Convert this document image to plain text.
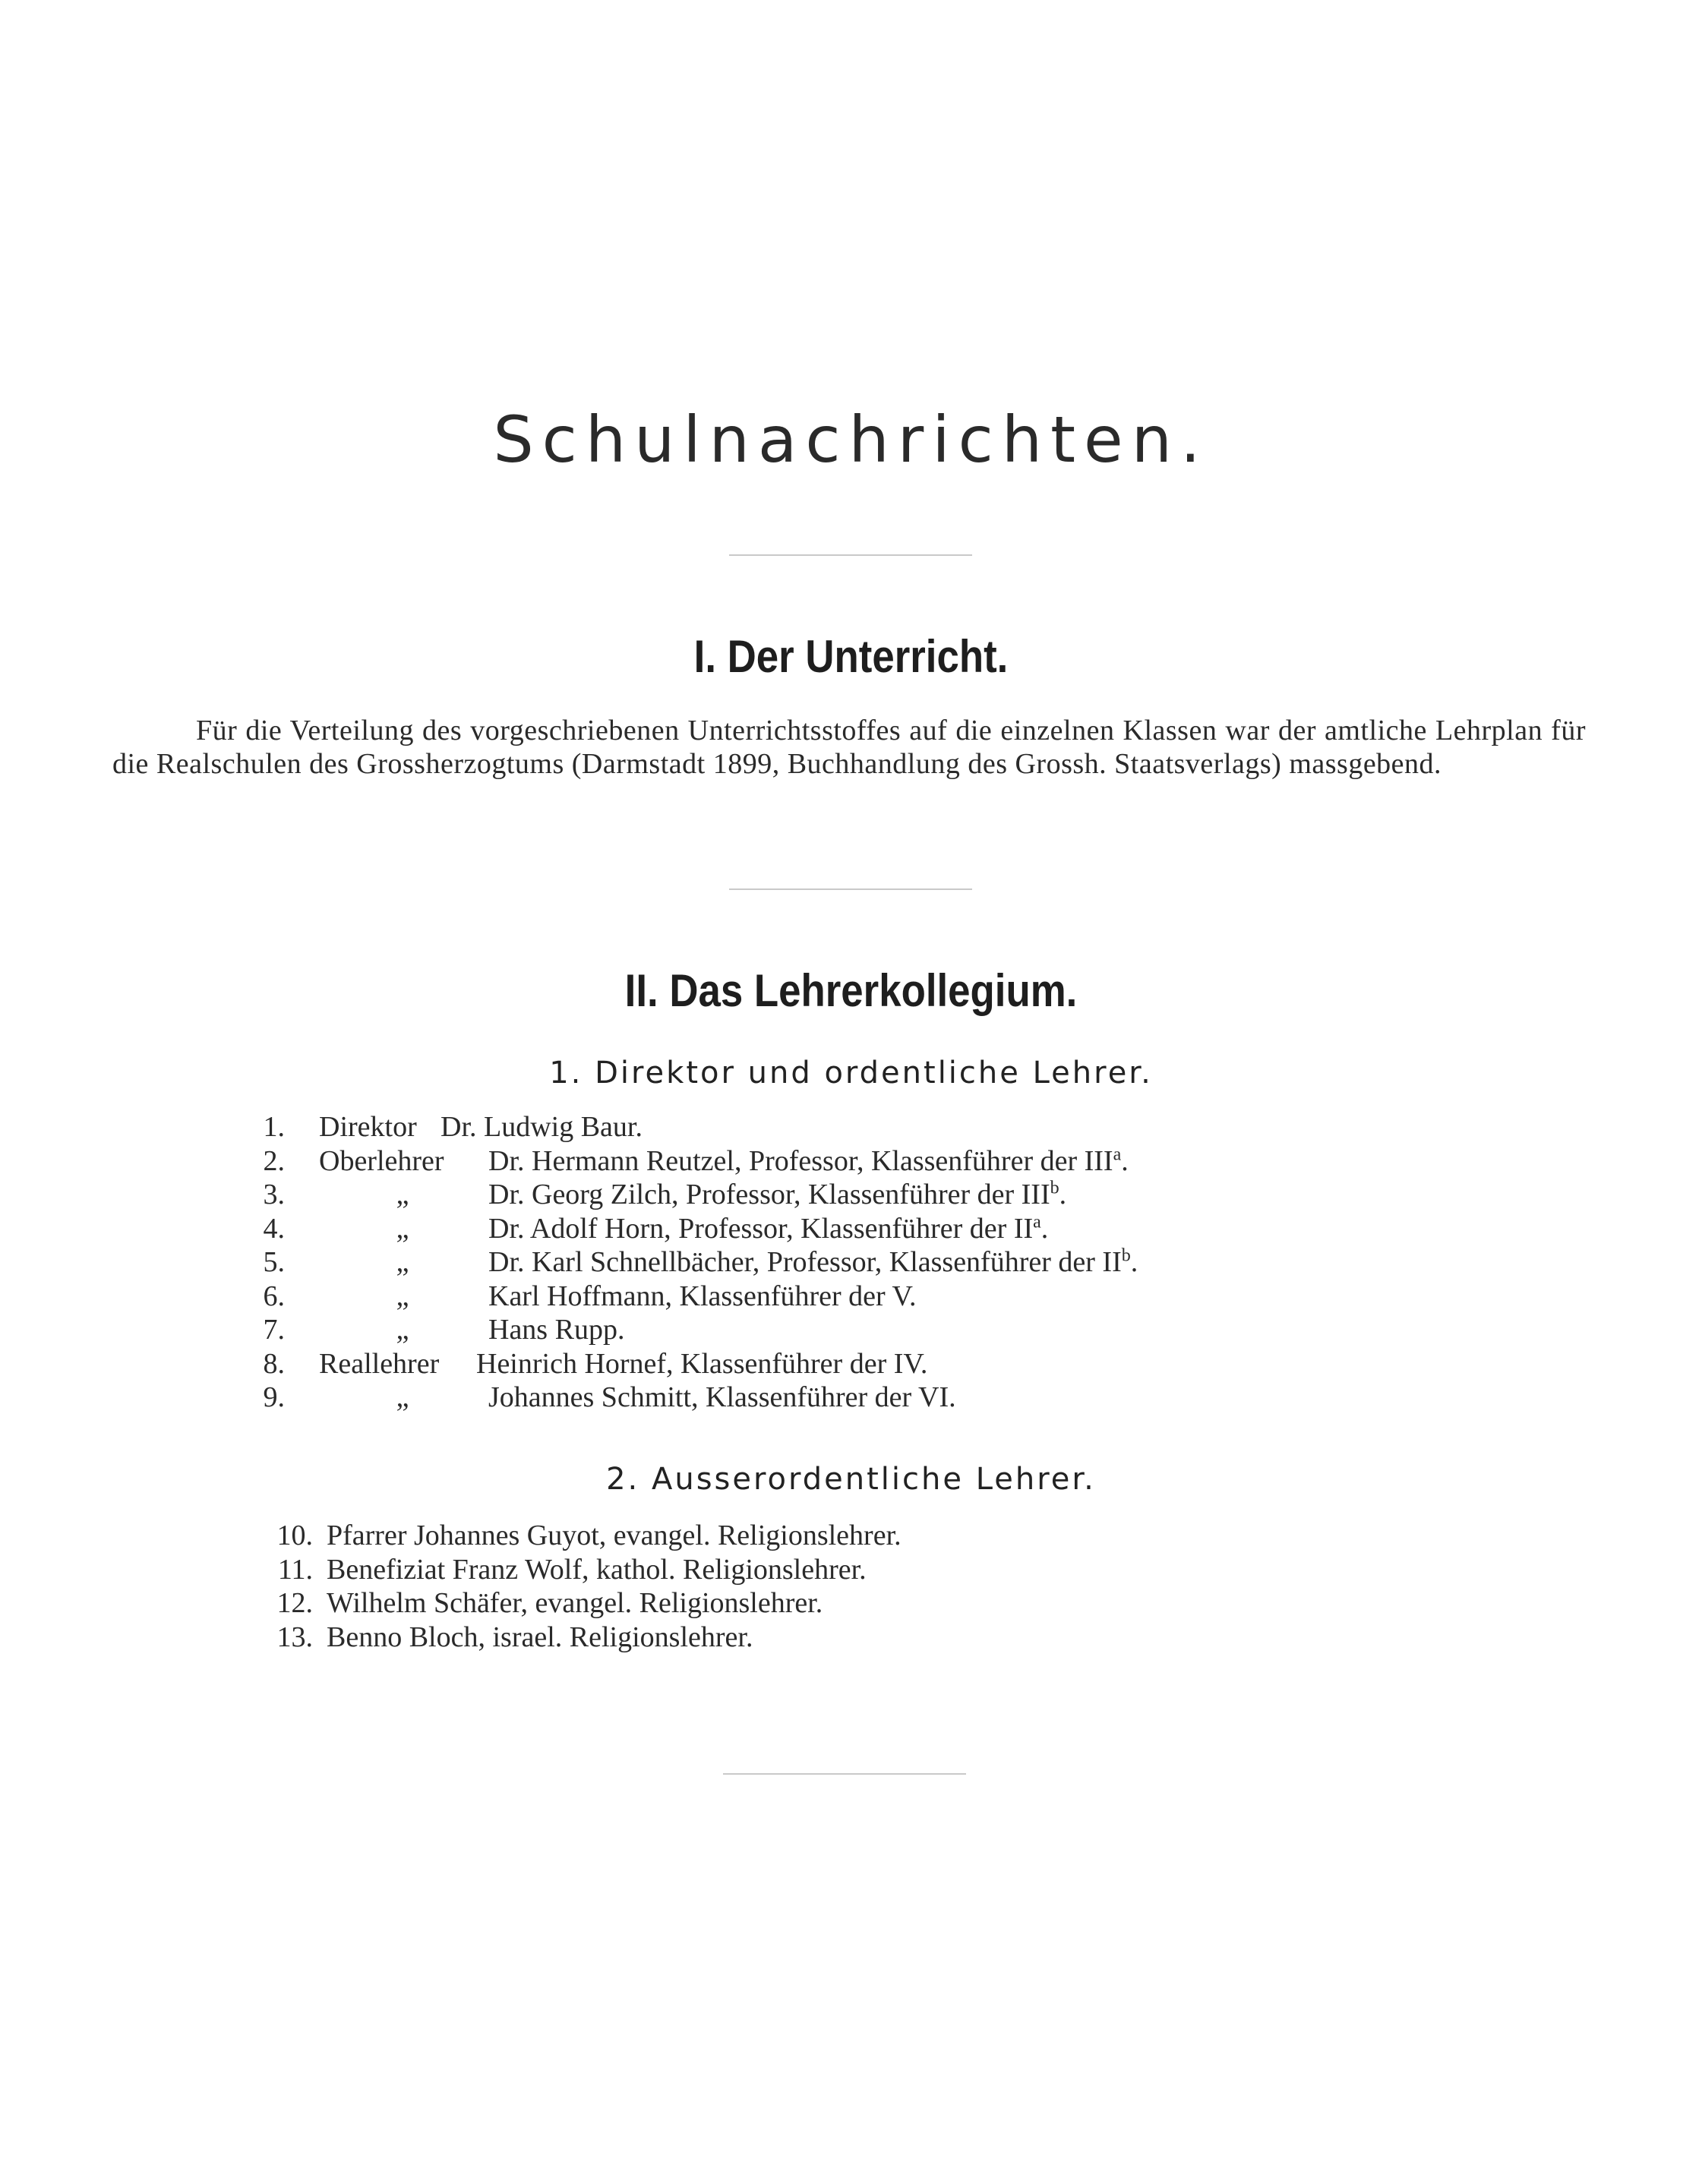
Schulnachrichten.
I. Der Unterricht.
Für die Verteilung des vorgeschriebenen Unterrichtsstoffes auf die einzelnen Klassen war der amtliche Lehrplan für die Realschulen des Grossherzogtums (Darmstadt 1899, Buchhandlung des Grossh. Staatsverlags) massgebend.
II. Das Lehrerkollegium.
1. Direktor und ordentliche Lehrer.
1. Direktor Dr. Ludwig Baur.
2. Oberlehrer Dr. Hermann Reutzel, Professor, Klassenführer der III$^a$.
3.	„	Dr. Georg Zilch, Professor, Klassenführer der III$^b$.
4.	„	Dr. Adolf Horn, Professor, Klassenführer der $II^a$.
5.	„	Dr. Karl Schnellbächer, Professor, Klassenführer der $II^b$.
6.	„	Karl Hoffmann, Klassenführer der V.
7.	„	Hans Rupp.
8. Reallehrer Heinrich Hornef, Klassenführer der IV.
9.	„	Johannes Schmitt, Klassenführer der VI.
2. Ausserordentliche Lehrer.
10. Pfarrer Johannes Guyot, evangel. Religionslehrer.
11. Benefiziat Franz Wolf, kathol. Religionslehrer.
12. Wilhelm Schäfer, evangel. Religionslehrer.
13. Benno Bloch, israel. Religionslehrer.
